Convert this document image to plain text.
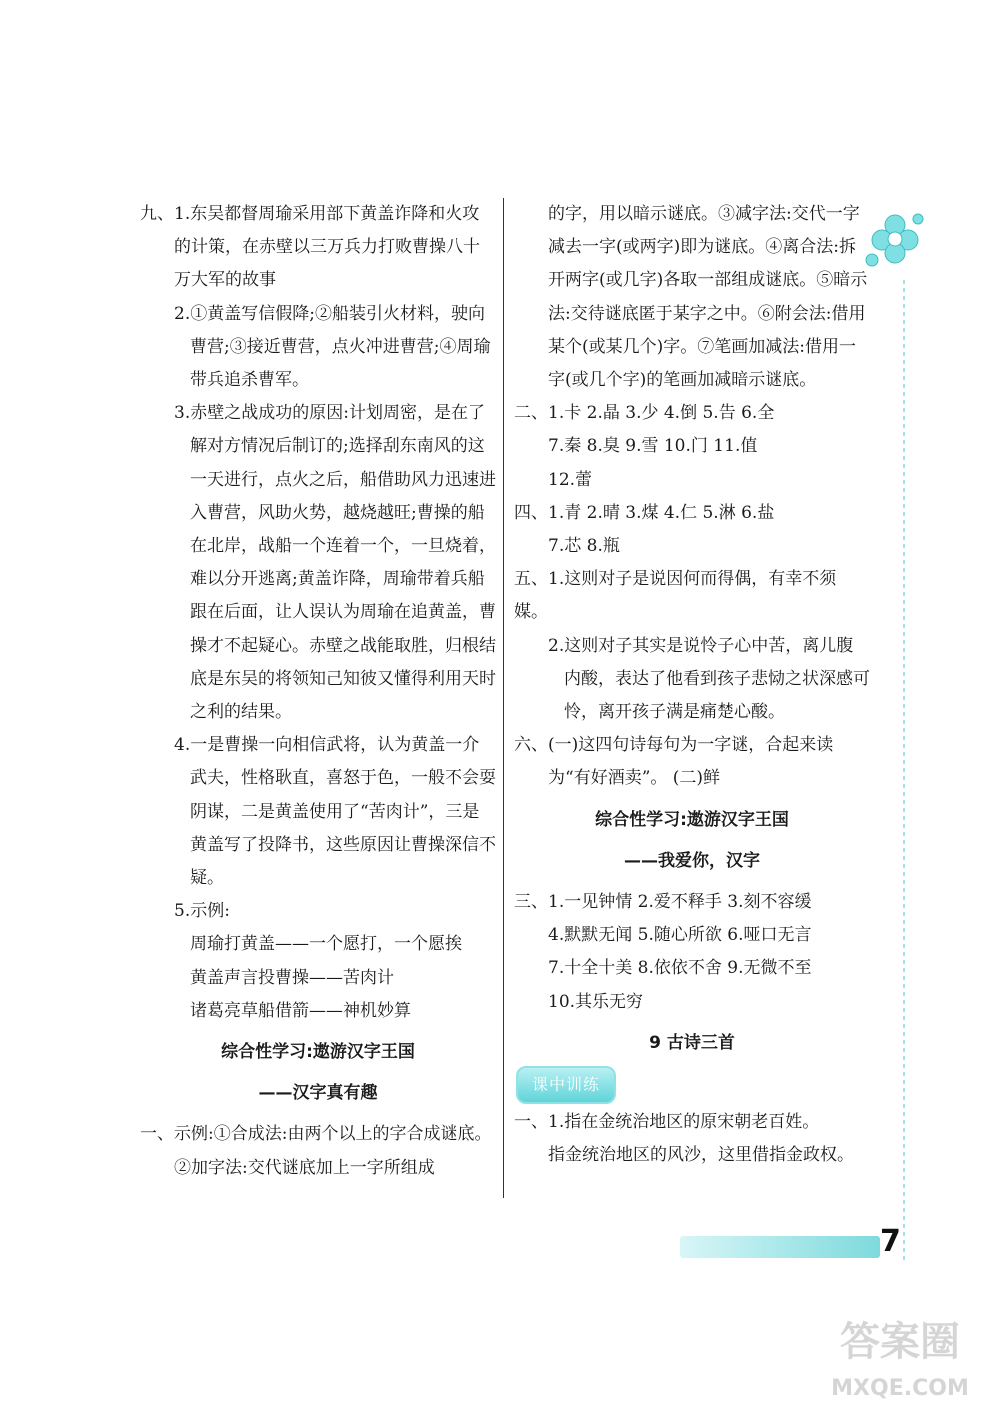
九、1.东吴都督周瑜采用部下黄盖诈降和火攻的计策，在赤壁以三万兵力打败曹操八十万大军的故事
2.①黄盖写信假降;②船装引火材料，驶向曹营;③接近曹营，点火冲进曹营;④周瑜带兵追杀曹军。
3.赤壁之战成功的原因:计划周密，是在了解对方情况后制订的;选择刮东南风的这一天进行，点火之后，船借助风力迅速进入曹营，风助火势，越烧越旺;曹操的船在北岸，战船一个连着一个，一旦烧着，难以分开逃离;黄盖诈降，周瑜带着兵船跟在后面，让人误认为周瑜在追黄盖，曹操才不起疑心。赤壁之战能取胜，归根结底是东吴的将领知己知彼又懂得利用天时之利的结果。
4.一是曹操一向相信武将，认为黄盖一介武夫，性格耿直，喜怒于色，一般不会耍阴谋，二是黄盖使用了“苦肉计”，三是黄盖写了投降书，这些原因让曹操深信不疑。
5.示例:
周瑜打黄盖——一个愿打，一个愿挨
黄盖声言投曹操——苦肉计
诸葛亮草船借箭——神机妙算
综合性学习:遨游汉字王国
——汉字真有趣
一、示例:①合成法:由两个以上的字合成谜底。②加字法:交代谜底加上一字所组成
的字，用以暗示谜底。③减字法:交代一字减去一字(或两字)即为谜底。④离合法:拆开两字(或几字)各取一部组成谜底。⑤暗示法:交待谜底匿于某字之中。⑥附会法:借用某个(或某几个)字。⑦笔画加减法:借用一字(或几个字)的笔画加减暗示谜底。
二、1.卡 2.晶 3.少 4.倒 5.告 6.全
7.秦 8.臭 9.雪 10.门 11.值
12.蕾
四、1.青 2.晴 3.煤 4.仁 5.淋 6.盐
7.芯 8.瓶
五、1.这则对子是说因何而得偶，有幸不须媒。
2.这则对子其实是说怜子心中苦，离儿腹内酸，表达了他看到孩子悲恸之状深感可怜，离开孩子满是痛楚心酸。
六、(一)这四句诗每句为一字谜，合起来读为“有好酒卖”。 (二)鲜
综合性学习:遨游汉字王国
——我爱你，汉字
三、1.一见钟情 2.爱不释手 3.刻不容缓
4.默默无闻 5.随心所欲 6.哑口无言
7.十全十美 8.依依不舍 9.无微不至
10.其乐无穷
9 古诗三首
课中训练
一、1.指在金统治地区的原宋朝老百姓。
指金统治地区的风沙，这里借指金政权。
7
答案圈
MXQE.COM
